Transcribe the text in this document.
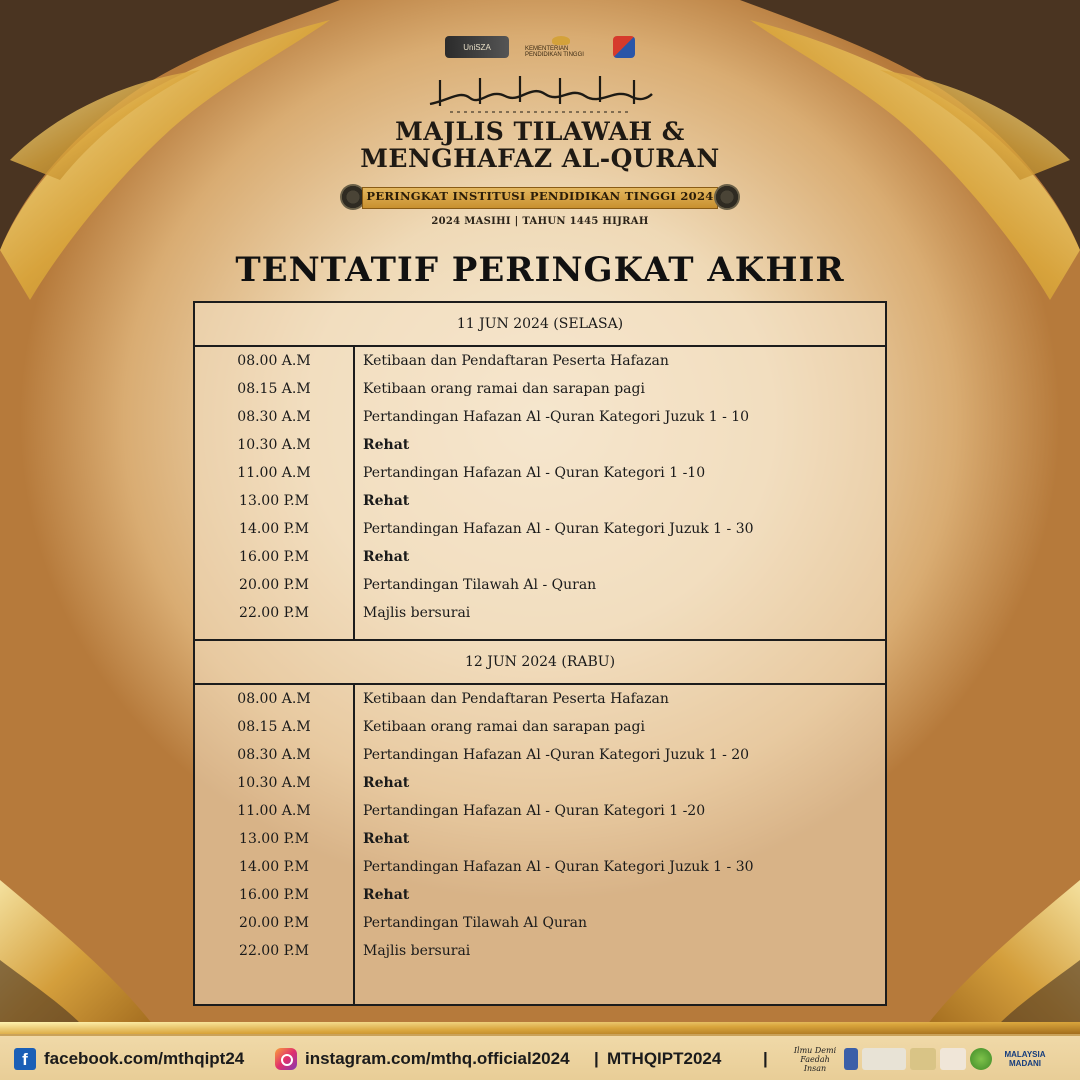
UniSZA	KEMENTERIAN PENDIDIKAN TINGGI
MAJLIS TILAWAH &
MENGHAFAZ AL-QURAN
PERINGKAT INSTITUSI PENDIDIKAN TINGGI 2024
2024 MASIHI | TAHUN 1445 HIJRAH
TENTATIF PERINGKAT AKHIR
11 JUN 2024 (SELASA)
08.00 A.M	Ketibaan dan Pendaftaran Peserta Hafazan
08.15 A.M	Ketibaan orang ramai dan sarapan pagi
08.30 A.M	Pertandingan Hafazan Al -Quran Kategori Juzuk 1 - 10
10.30 A.M	Rehat
11.00 A.M	Pertandingan Hafazan Al - Quran Kategori 1 -10
13.00 P.M	Rehat
14.00 P.M	Pertandingan Hafazan Al - Quran Kategori Juzuk 1 - 30
16.00 P.M	Rehat
20.00 P.M	Pertandingan Tilawah Al - Quran
22.00 P.M	Majlis bersurai
12 JUN 2024 (RABU)
08.00 A.M	Ketibaan dan Pendaftaran Peserta Hafazan
08.15 A.M	Ketibaan orang ramai dan sarapan pagi
08.30 A.M	Pertandingan Hafazan Al -Quran Kategori Juzuk 1 - 20
10.30 A.M	Rehat
11.00 A.M	Pertandingan Hafazan Al - Quran Kategori 1 -20
13.00 P.M	Rehat
14.00 P.M	Pertandingan Hafazan Al - Quran Kategori Juzuk 1 - 30
16.00 P.M	Rehat
20.00 P.M	Pertandingan Tilawah Al Quran
22.00 P.M	Majlis bersurai
f facebook.com/mthqipt24	instagram.com/mthq.official2024 | MTHQIPT2024 |	Ilmu Demi Faedah Insan
MALAYSIA MADANI
